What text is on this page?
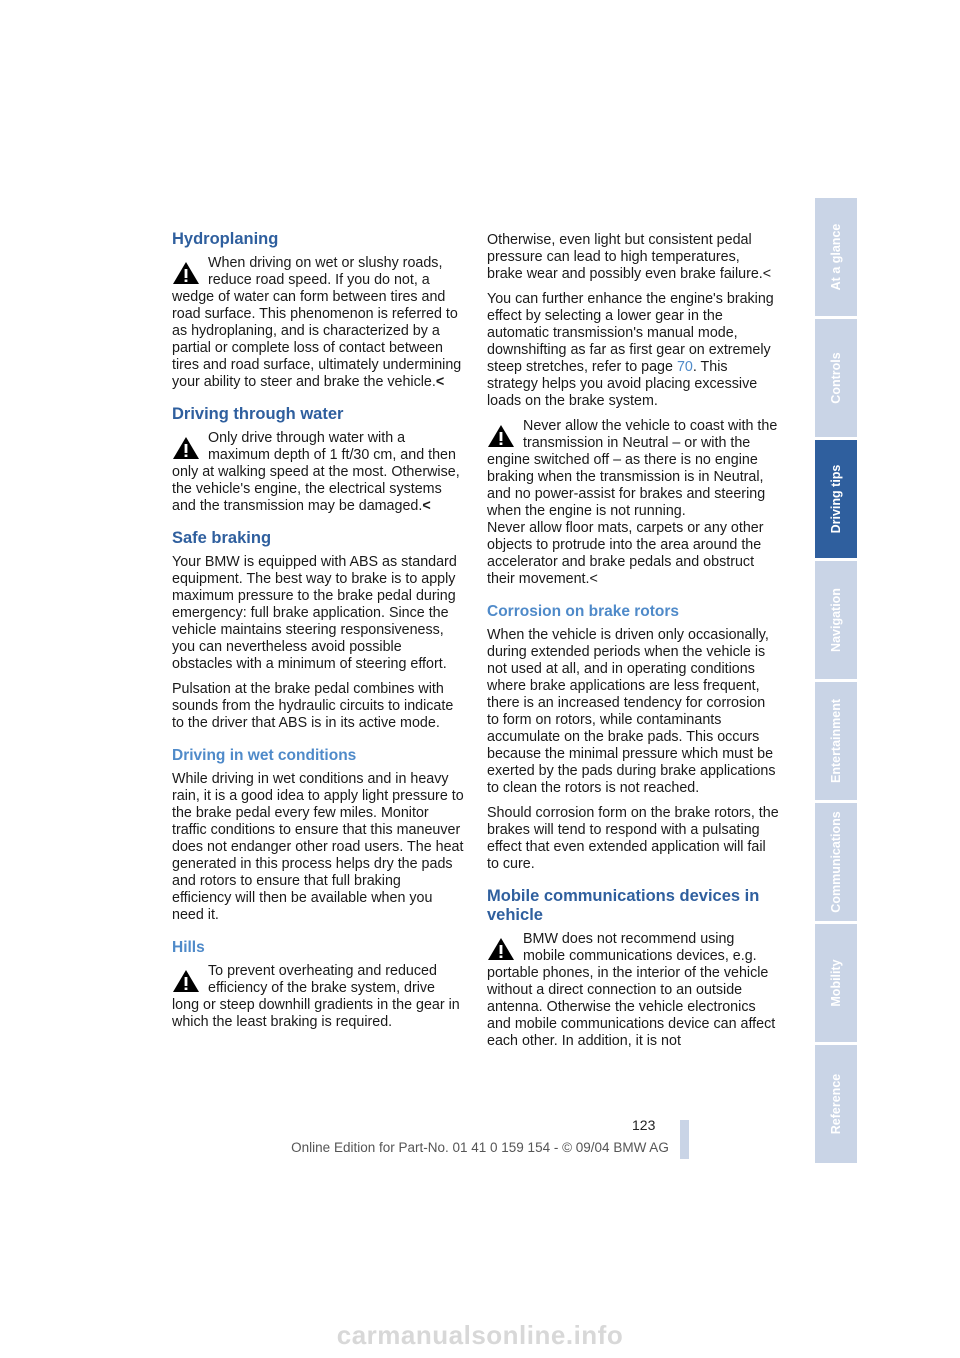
Hydroplaning
When driving on wet or slushy roads, reduce road speed. If you do not, a wedge of water can form between tires and road surface. This phenomenon is referred to as hydroplaning, and is characterized by a partial or complete loss of contact between tires and road surface, ultimately undermining your ability to steer and brake the vehicle.<
Driving through water
Only drive through water with a maximum depth of 1 ft/30 cm, and then only at walking speed at the most. Otherwise, the vehicle's engine, the electrical systems and the transmission may be damaged.<
Safe braking

Your BMW is equipped with ABS as standard equipment. The best way to brake is to apply maximum pressure to the brake pedal during emergency: full brake application. Since the vehicle maintains steering responsiveness, you can nevertheless avoid possible obstacles with a minimum of steering effort.

Pulsation at the brake pedal combines with sounds from the hydraulic circuits to indicate to the driver that ABS is in its active mode.

Driving in wet conditions

While driving in wet conditions and in heavy rain, it is a good idea to apply light pressure to the brake pedal every few miles. Monitor traffic conditions to ensure that this maneuver does not endanger other road users. The heat generated in this process helps dry the pads and rotors to ensure that full braking efficiency will then be available when you need it.

Hills
To prevent overheating and reduced efficiency of the brake system, drive long or steep downhill gradients in the gear in which the least braking is required.

Otherwise, even light but consistent pedal pressure can lead to high temperatures, brake wear and possibly even brake failure.<

You can further enhance the engine's braking effect by selecting a lower gear in the automatic transmission's manual mode, downshifting as far as first gear on extremely steep stretches, refer to page 70. This strategy helps you avoid placing excessive loads on the brake system.

Never allow the vehicle to coast with the transmission in Neutral – or with the engine switched off – as there is no engine braking when the transmission is in Neutral, and no power-assist for brakes and steering when the engine is not running.

Never allow floor mats, carpets or any other objects to protrude into the area around the accelerator and brake pedals and obstruct their movement.<

Corrosion on brake rotors

When the vehicle is driven only occasionally, during extended periods when the vehicle is not used at all, and in operating conditions where brake applications are less frequent, there is an increased tendency for corrosion to form on rotors, while contaminants accumulate on the brake pads. This occurs because the minimal pressure which must be exerted by the pads during brake applications to clean the rotors is not reached.

Should corrosion form on the brake rotors, the brakes will tend to respond with a pulsating effect that even extended application will fail to cure.

Mobile communications devices in vehicle
BMW does not recommend using mobile communications devices, e.g. portable phones, in the interior of the vehicle without a direct connection to an outside antenna. Otherwise the vehicle electronics and mobile communications device can affect each other. In addition, it is not
At a glance
Controls
Driving tips
Navigation
Entertainment
Communications
Mobility
Reference
123
Online Edition for Part-No. 01 41 0 159 154 - © 09/04 BMW AG
carmanualsonline.info
